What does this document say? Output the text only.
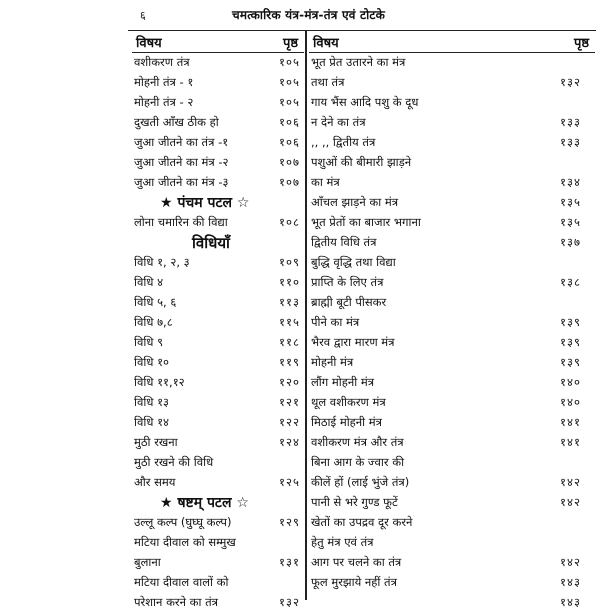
६	चमत्कारिक यंत्र-मंत्र-तंत्र एवं टोटके
विषय	पृष्ठ
वशीकरण तंत्र	१०५
मोहनी तंत्र - १	१०५
मोहनी तंत्र - २	१०५
दुखती आँख ठीक हो	१०६
जुआ जीतने का तंत्र -१	१०६
जुआ जीतने का मंत्र -२	१०७
जुआ जीतने का मंत्र -३	१०७
★ पंचम पटल ☆
लोना चमारिन की विद्या	१०८
विधियाँ
विधि १, २, ३	१०९
विधि ४	११०
विधि ५, ६	११३
विधि ७,८	११५
विधि ९	११८
विधि १०	११९
विधि ११,१२	१२०
विधि १३	१२१
विधि १४	१२२
मुठी रखना	१२४
मुठी रखने की विधि
और समय	१२५
★ षष्टम् पटल ☆
उल्लू कल्प (घुघ्घू कल्प)	१२९
मटिया दीवाल को सम्मुख
बुलाना	१३१
मटिया दीवाल वालों को
परेशान करने का तंत्र	१३२
विषय	पृष्ठ
भूत प्रेत उतारने का मंत्र
तथा तंत्र	१३२
गाय भैंस आदि पशु के दूध
न देने का तंत्र	१३३
,, ,, द्वितीय तंत्र	१३३
पशुओं की बीमारी झाड़ने
का मंत्र	१३४
आँचल झाड़ने का मंत्र	१३५
भूत प्रेतों का बाजार भगाना	१३५
द्वितीय विधि तंत्र	१३७
बुद्धि वृद्धि तथा विद्या
प्राप्ति के लिए तंत्र	१३८
ब्राह्मी बूटी पीसकर
पीने का मंत्र	१३९
भैरव द्वारा मारण मंत्र	१३९
मोहनी मंत्र	१३९
लौंग मोहनी मंत्र	१४०
थूल वशीकरण मंत्र	१४०
मिठाई मोहनी मंत्र	१४१
वशीकरण मंत्र और तंत्र	१४१
बिना आग के ज्वार की
कीलें हों (लाई भुंजे तंत्र)	१४२
पानी से भरे गुण्ड फूटें	१४२
खेतों का उपद्रव दूर करने
हेतु मंत्र एवं तंत्र
आग पर चलने का तंत्र	१४२
फूल मुरझाये नहीं तंत्र	१४३
१४३
